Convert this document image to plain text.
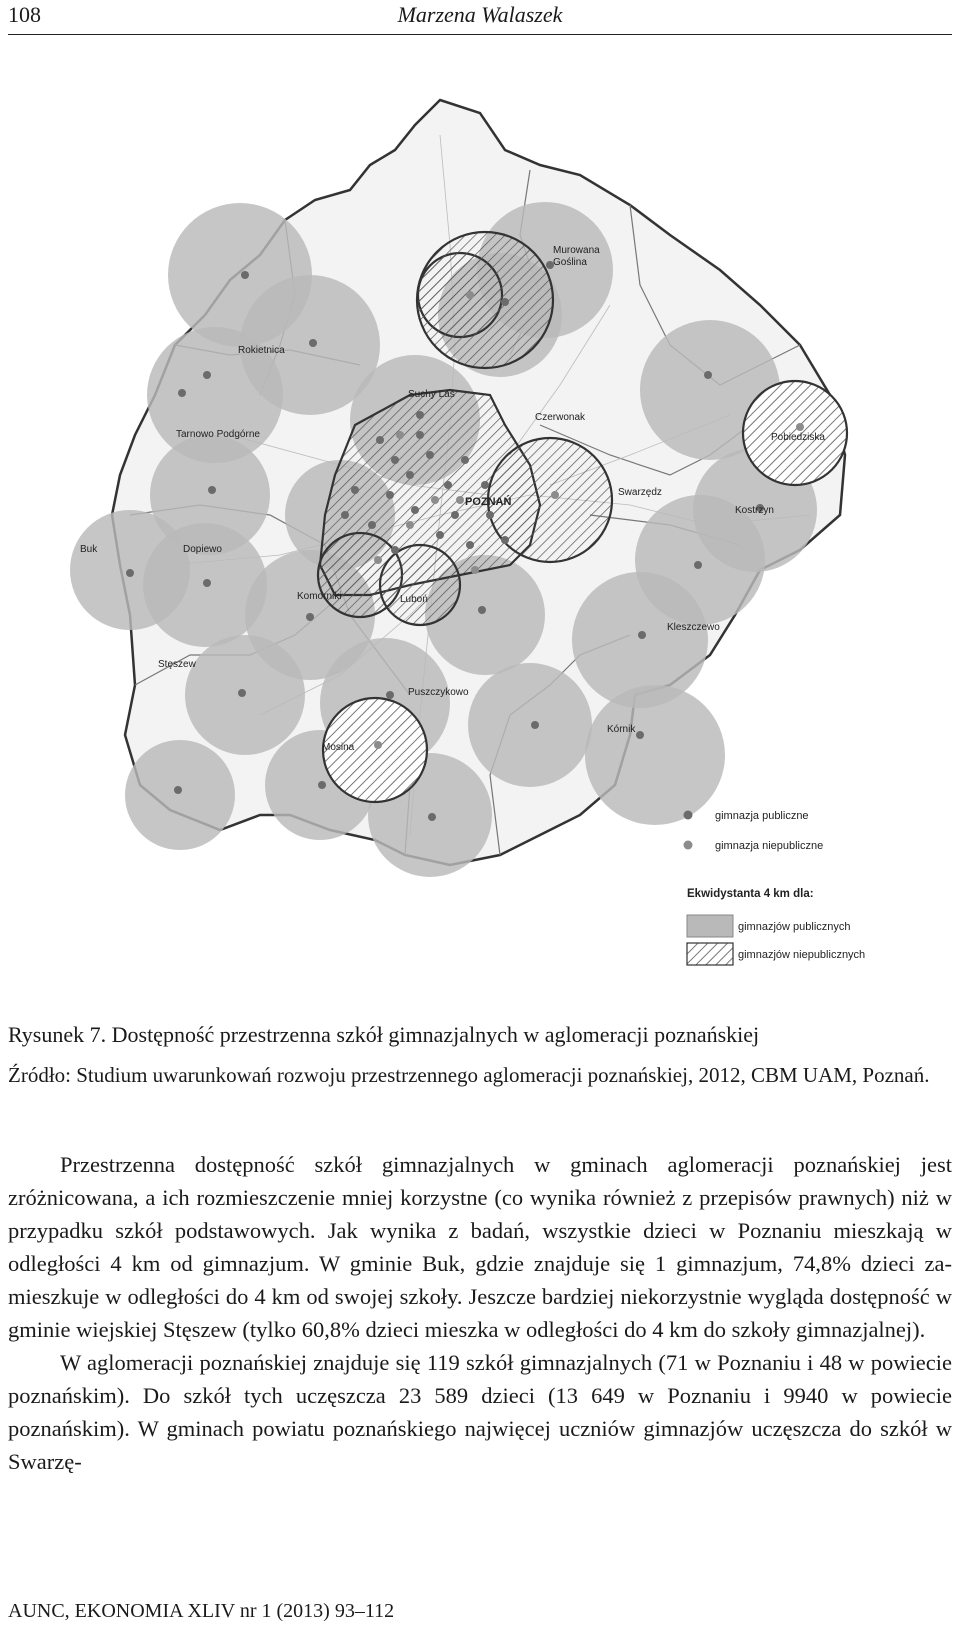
108	Marzena Walaszek
Murowana Goślina
Rokietnica
Tarnowo Podgórne
Suchy Las
Czerwonak
Pobiedziska
POZNAŃ
Swarzędz
Kostrzyn
Buk	Dopiewo
Komorniki	Luboń
Kleszczewo
Stęszew
Puszczykowo
Mosina
Kórnik
gimnazja publiczne
gimnazja niepubliczne
Ekwidystanta 4 km dla:
gimnazjów publicznych
gimnazjów niepublicznych
Rysunek 7. Dostępność przestrzenna szkół gimnazjalnych w aglomeracji poznańskiej
Źródło: Studium uwarunkowań rozwoju przestrzennego aglomeracji poznańskiej, 2012, CBM UAM, Poznań.

Przestrzenna dostępność szkół gimnazjalnych w gminach aglomeracji poznańskiej jest zróżnicowana, a ich rozmieszczenie mniej korzystne (co wynika również z przepisów prawnych) niż w przypadku szkół podstawowych. Jak wynika z badań, wszystkie dzieci w Poznaniu mieszkają w odległości 4 km od gimnazjum. W gminie Buk, gdzie znajduje się 1 gimnazjum, 74,8% dzieci zamieszkuje w odległości do 4 km od swojej szkoły. Jeszcze bardziej niekorzystnie wygląda dostępność w gminie wiejskiej Stęszew (tylko 60,8% dzieci mieszka w odległości do 4 km do szkoły gimnazjalnej).

W aglomeracji poznańskiej znajduje się 119 szkół gimnazjalnych (71 w Poznaniu i 48 w powiecie poznańskim). Do szkół tych uczęszcza 23 589 dzieci (13 649 w Poznaniu i 9940 w powiecie poznańskim). W gminach powiatu poznańskiego najwięcej uczniów gimnazjów uczęszcza do szkół w Swarzę-

AUNC, EKONOMIA XLIV nr 1 (2013) 93–112
